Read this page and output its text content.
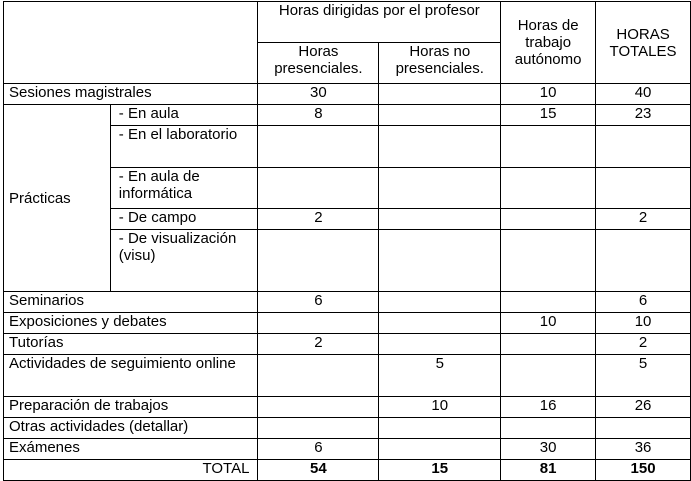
		Horas dirigidas por el profesor		Horas de trabajo autónomo	HORAS TOTALES
		Horas presenciales.	Horas no presenciales.		
Sesiones magistrales		30		10	40
Prácticas	- En aula	8		15	23
	- En el laboratorio				
	- En aula de informática				
	- De campo	2			2
	- De visualización (visu)				
Seminarios		6			6
Exposiciones y debates				10	10
Tutorías		2			2
Actividades de seguimiento online			5		5
Preparación de trabajos			10	16	26
Otras actividades (detallar)					
Exámenes		6		30	36
TOTAL		54	15	81	150
